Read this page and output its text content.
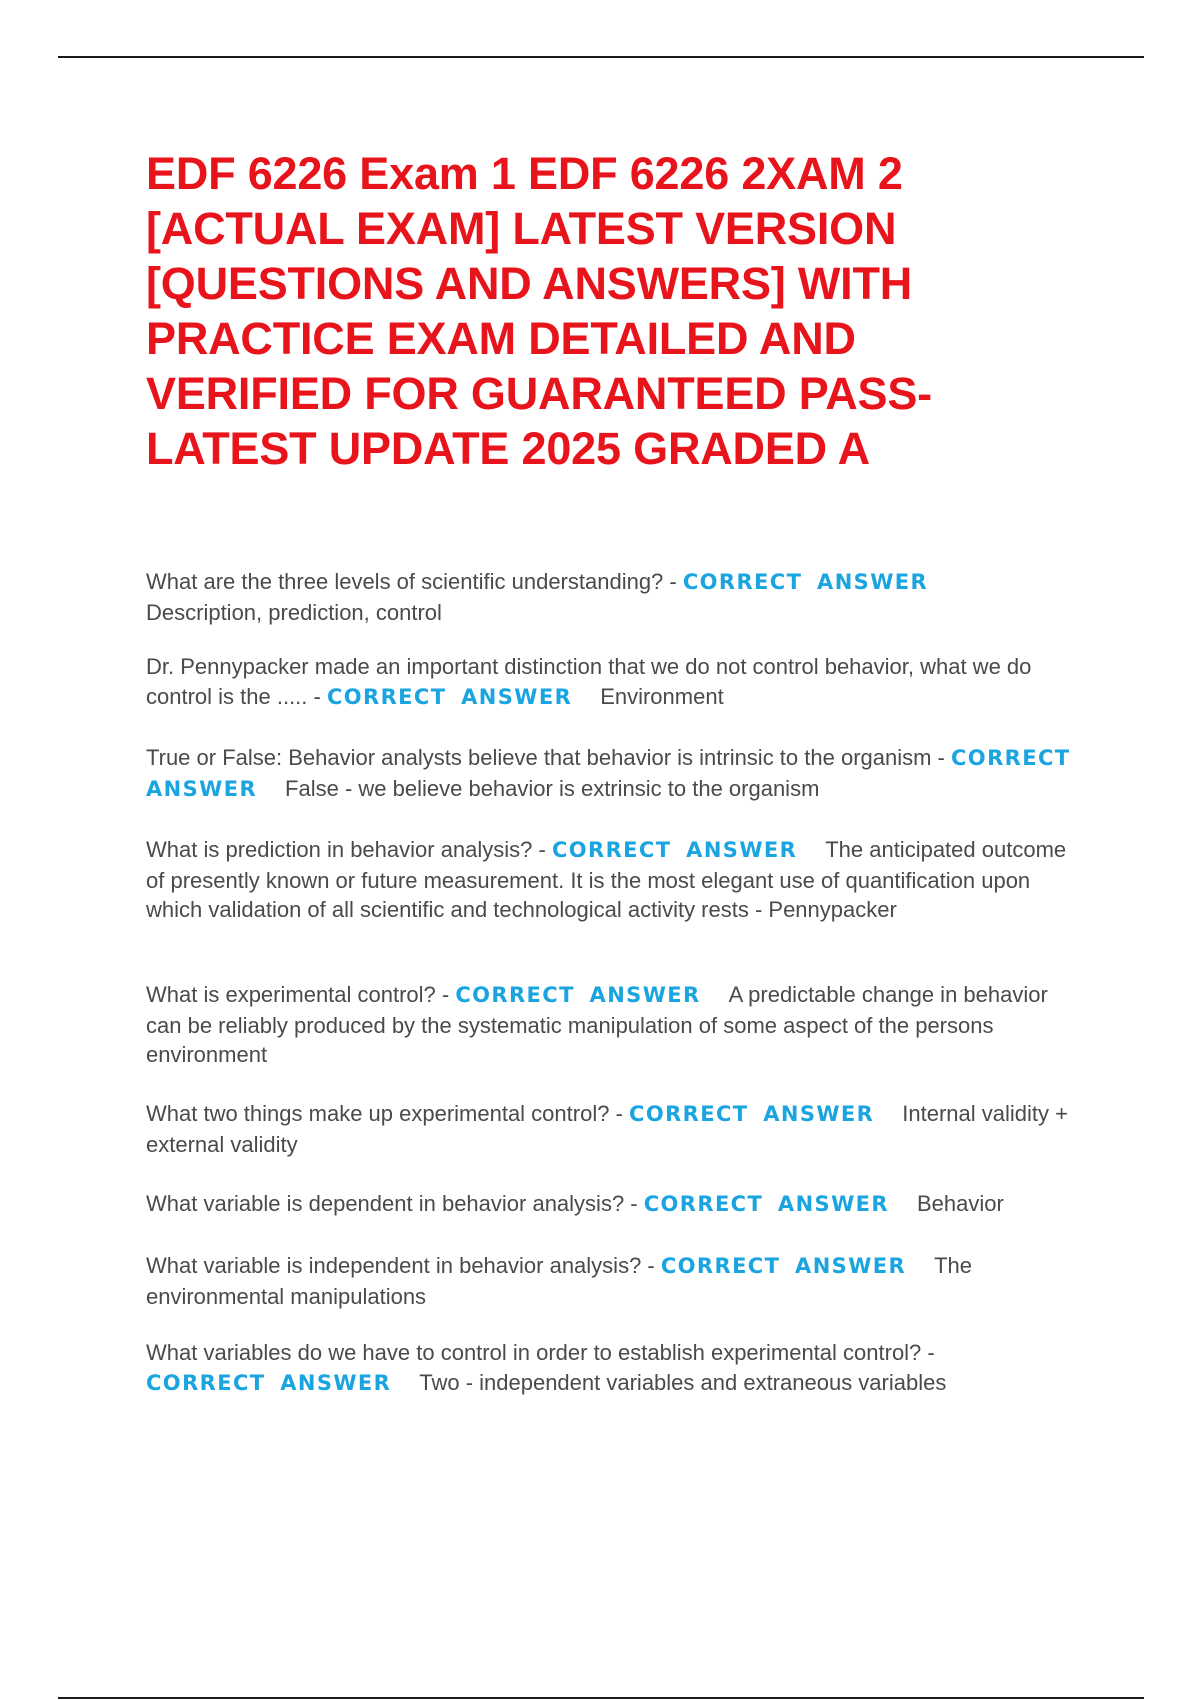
EDF 6226 Exam 1 EDF 6226 2XAM 2 [ACTUAL EXAM] LATEST VERSION [QUESTIONS AND ANSWERS] WITH PRACTICE EXAM DETAILED AND VERIFIED FOR GUARANTEED PASS- LATEST UPDATE 2025 GRADED A

What are the three levels of scientific understanding? - CORRECT ANSWER
Description, prediction, control

Dr. Pennypacker made an important distinction that we do not control behavior, what we do control is the ..... - CORRECT ANSWER Environment

True or False: Behavior analysts believe that behavior is intrinsic to the organism - CORRECT ANSWER False - we believe behavior is extrinsic to the organism

What is prediction in behavior analysis? - CORRECT ANSWER The anticipated outcome of presently known or future measurement. It is the most elegant use of quantification upon which validation of all scientific and technological activity rests - Pennypacker

What is experimental control? - CORRECT ANSWER A predictable change in behavior can be reliably produced by the systematic manipulation of some aspect of the persons environment

What two things make up experimental control? - CORRECT ANSWER Internal validity + external validity

What variable is dependent in behavior analysis? - CORRECT ANSWER Behavior

What variable is independent in behavior analysis? - CORRECT ANSWER The environmental manipulations

What variables do we have to control in order to establish experimental control? -
CORRECT ANSWER Two - independent variables and extraneous variables
